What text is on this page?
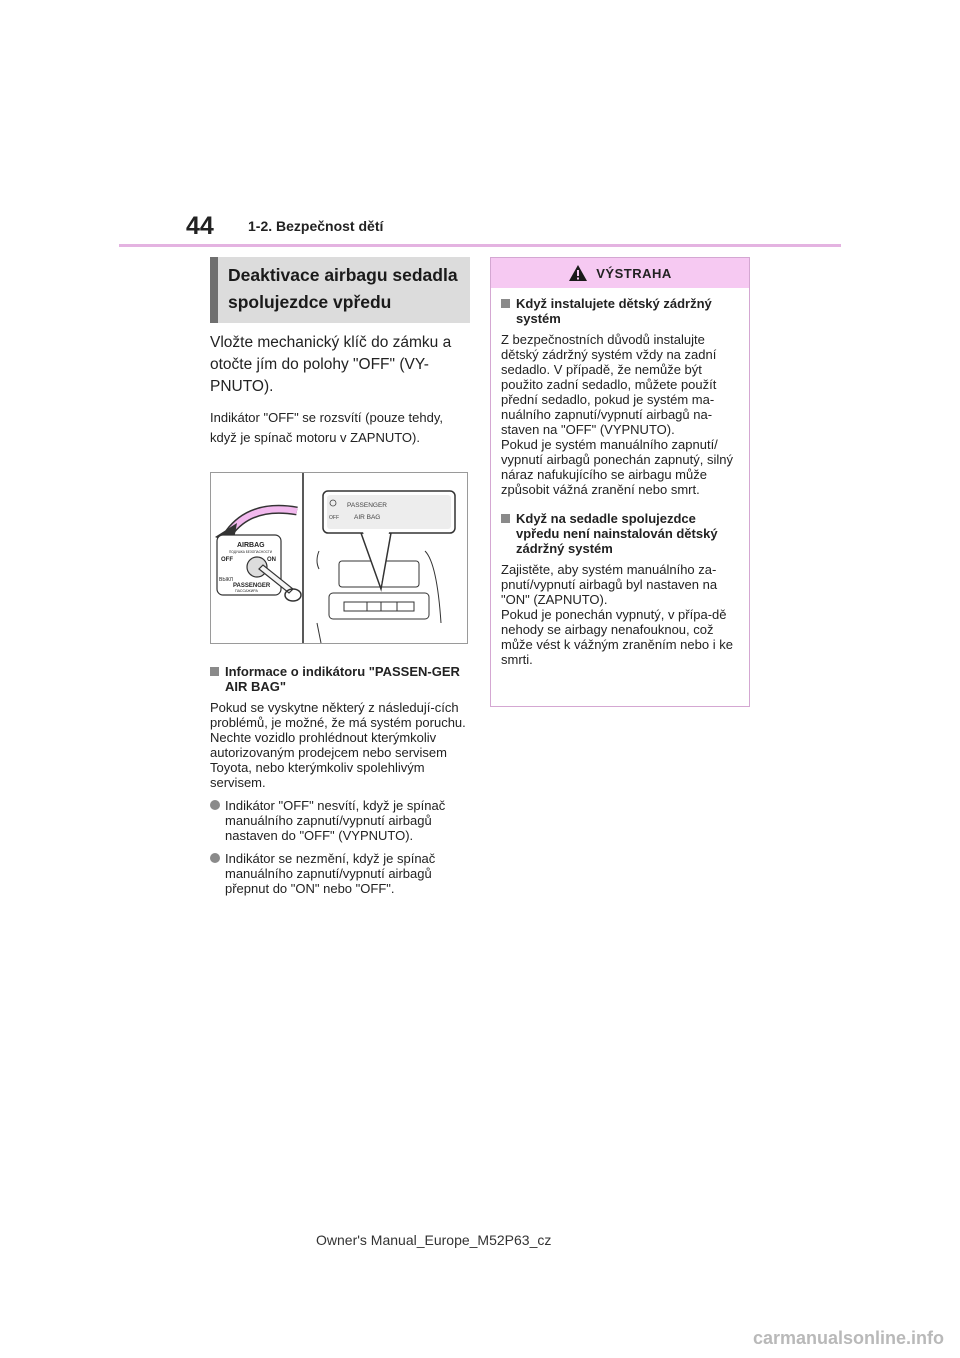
44 1-2. Bezpečnost dětí
Deaktivace airbagu sedadla spolujezdce vpředu

Vložte mechanický klíč do zámku a otočte jím do polohy "OFF" (VY-PNUTO).

Indikátor "OFF" se rozsvítí (pouze tehdy, když je spínač motoru v ZAPNUTO).

AIRBAG
ПОДУШКА БЕЗОПАСНОСТИ
OFF	ON
ВЫКЛ
PASSENGER
ПАССАЖИРА
PASSENGER
AIR BAG
OFF
Informace o indikátoru "PASSEN-GER AIR BAG"

Pokud se vyskytne některý z následují-cích problémů, je možné, že má systém poruchu. Nechte vozidlo prohlédnout kterýmkoliv autorizovaným prodejcem nebo servisem Toyota, nebo kterýmkoliv spolehlivým servisem.

Indikátor "OFF" nesvítí, když je spínač manuálního zapnutí/vypnutí airbagů nastaven do "OFF" (VYPNUTO).
Indikátor se nezmění, když je spínač manuálního zapnutí/vypnutí airbagů přepnut do "ON" nebo "OFF".
VÝSTRAHA
Když instalujete dětský zádržný systém

Z bezpečnostních důvodů instalujte dětský zádržný systém vždy na zadní sedadlo. V případě, že nemůže být použito zadní sedadlo, můžete použít přední sedadlo, pokud je systém ma-nuálního zapnutí/vypnutí airbagů na-staven na "OFF" (VYPNUTO).
Pokud je systém manuálního zapnutí/ vypnutí airbagů ponechán zapnutý, silný náraz nafukujícího se airbagu může způsobit vážná zranění nebo smrt.

Když na sedadle spolujezdce vpředu není nainstalován dětský zádržný systém

Zajistěte, aby systém manuálního za-pnutí/vypnutí airbagů byl nastaven na "ON" (ZAPNUTO).
Pokud je ponechán vypnutý, v přípa-dě nehody se airbagy nenafouknou, což může vést k vážným zraněním nebo i ke smrti.

Owner's Manual_Europe_M52P63_cz
carmanualsonline.info
